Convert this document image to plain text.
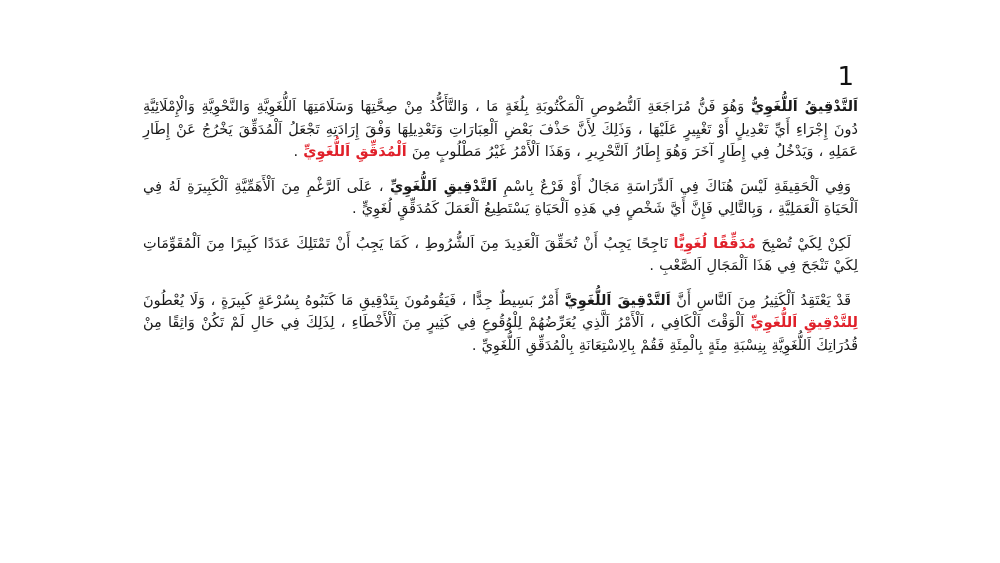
1

اَلتَّدْقِيقُ اَللُّغَوِيُّ وَهُوَ فَنُّ مُرَاجَعَةِ اَلنُّصُوصِ اَلْمَكْتُوبَةِ بِلُغَةٍ مَا ، وَالتَّأَكُّدُ مِنْ صِحَّتِهَا وَسَلَامَتِهَا اَللُّغَوِيَّةِ وَالنَّحْوِيَّةِ وَالْإِمْلَائِيَّةِ دُونَ إِجْرَاءِ أَيِّ تَعْدِيلٍ أَوْ تَغْيِيرٍ عَلَيْهَا ، وَذَلِكَ لِأَنَّ حَذْفَ بَعْضِ اَلْعِبَارَاتِ وَتَعْدِيلِهَا وَفْقَ إِرَادَتِهِ تَجْعَلُ اَلْمُدَقِّقَ يَخْرُجُ عَنْ إِطَارِ عَمَلِهِ ، وَيَدْخُلُ فِي إِطَارٍ آخَرَ وَهُوَ إِطَارُ اَلتَّحْرِيرِ ، وَهَذَا اَلْأَمْرُ غَيْرُ مَطْلُوبٍ مِنَ اَلْمُدَقِّقِ اَللُّغَوِيِّ .

وَفِي اَلْحَقِيقَةِ لَيْسَ هُنَاكَ فِي اَلدِّرَاسَةِ مَجَالٌ أَوْ فَرْعٌ بِاسْمِ اَلتَّدْقِيقِ اَللُّغَوِيِّ ، عَلَى اَلرَّغْمِ مِنَ اَلْأَهَمِّيَّةِ اَلْكَبِيرَةِ لَهُ فِي اَلْحَيَاةِ اَلْعَمَلِيَّةِ ، وَبِالتَّالِي فَإِنَّ أَيَّ شَخْصٍ فِي هَذِهِ اَلْحَيَاةِ يَسْتَطِيعُ اَلْعَمَلَ كَمُدَقِّقٍ لُغَوِيٍّ .

لَكِنْ لِكَيْ تُصْبِحَ مُدَقِّقًا لُغَوِيًّا نَاجِحًا يَجِبُ أَنْ تُحَقِّقَ اَلْعَدِيدَ مِنَ اَلشُّرُوطِ ، كَمَا يَجِبُ أَنْ تَمْتَلِكَ عَدَدًا كَبِيرًا مِنَ اَلْمُقَوِّمَاتِ لِكَيْ تَنْجَحَ فِي هَذَا اَلْمَجَالِ اَلصَّعْبِ .

قَدْ يَعْتَقِدُ اَلْكَثِيرُ مِنَ اَلنَّاسِ أَنَّ اَلتَّدْقِيقَ اَللُّغَوِيَّ أَمْرٌ بَسِيطٌ جِدًّا ، فَيَقُومُونَ بِتَدْقِيقِ مَا كَتَبُوهُ بِسُرْعَةٍ كَبِيرَةٍ ، وَلَا يُعْطُونَ لِلتَّدْقِيقِ اَللُّغَوِيِّ اَلْوَقْتَ اَلْكَافِي ، اَلْأَمْرُ اَلَّذِي يُعَرِّضُهُمْ لِلْوُقُوعِ فِي كَثِيرٍ مِنَ اَلْأَخْطَاءِ ، لِذَلِكَ فِي حَالِ لَمْ تَكُنْ وَاثِقًا مِنْ قُدُرَاتِكَ اَللُّغَوِيَّةِ بِنِسْبَةِ مِئَةٍ بِالْمِئَةِ فَقُمْ بِالِاسْتِعَانَةِ بِالْمُدَقِّقِ اَللُّغَوِيِّ .
